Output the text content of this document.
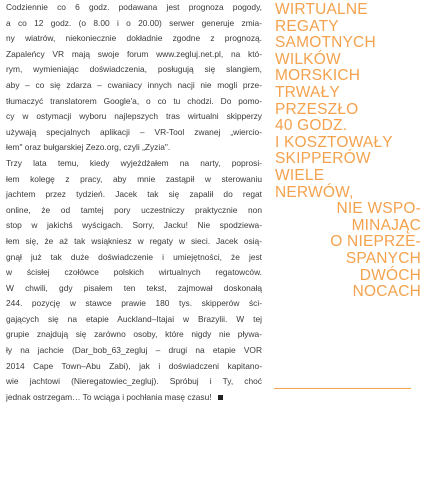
Codziennie co 6 godz. podawana jest prognoza pogody,
a co 12 godz. (o 8.00 i o 20.00) serwer generuje zmia-
ny wiatrów, niekoniecznie dokładnie zgodne z prognozą.
Zapaleńcy VR mają swoje forum www.zegluj.net.pl, na któ-
rym, wymieniając doświadczenia, posługują się slangiem,
aby – co się zdarza – cwaniacy innych nacji nie mogli prze-
tłumaczyć translatorem Google'a, o co tu chodzi. Do pomo-
cy w ostymacji wyboru najlepszych tras wirtualni skipperzy
używają specjalnych aplikacji – VR-Tool zwanej „wiercio-
łem" oraz bułgarskiej Zezo.org, czyli „Zyzia".
Trzy lata temu, kiedy wyjeżdżałem na narty, poprosi-
łem kolegę z pracy, aby mnie zastąpił w sterowaniu
jachtem przez tydzień. Jacek tak się zapalił do regat
online, że od tamtej pory uczestniczy praktycznie non
stop w jakichś wyścigach. Sorry, Jacku! Nie spodziewa-
łem się, że aż tak wsiąkniesz w regaty w sieci. Jacek osią-
gnął już tak duże doświadczenie i umiejętności, że jest
w ścisłej czołówce polskich wirtualnych regatowców.
W chwili, gdy pisałem ten tekst, zajmował doskonałą
244. pozycję w stawce prawie 180 tys. skipperów ści-
gających się na etapie Auckland–Itajai w Brazylii. W tej
grupie znajdują się zarówno osoby, które nigdy nie pływa-
ły na jachcie (Dar_bob_63_zegluj – drugi na etapie VOR
2014 Cape Town–Abu Zabi), jak i doświadczeni kapitano-
wie jachtowi (Nieregatowiec_zegluj). Spróbuj i Ty, choć
jednak ostrzegam… To wciąga i pochłania masę czasu!
WIRTUALNE
REGATY
SAMOTNYCH
WILKÓW
MORSKICH
TRWAŁY
PRZESZŁO
40 GODZ.
I KOSZTOWAŁY
SKIPPERÓW
WIELE
NERWÓW,
NIE WSPO-
MINAJĄC
O NIEPRZE-
SPANYCH
DWÓCH
NOCACH
